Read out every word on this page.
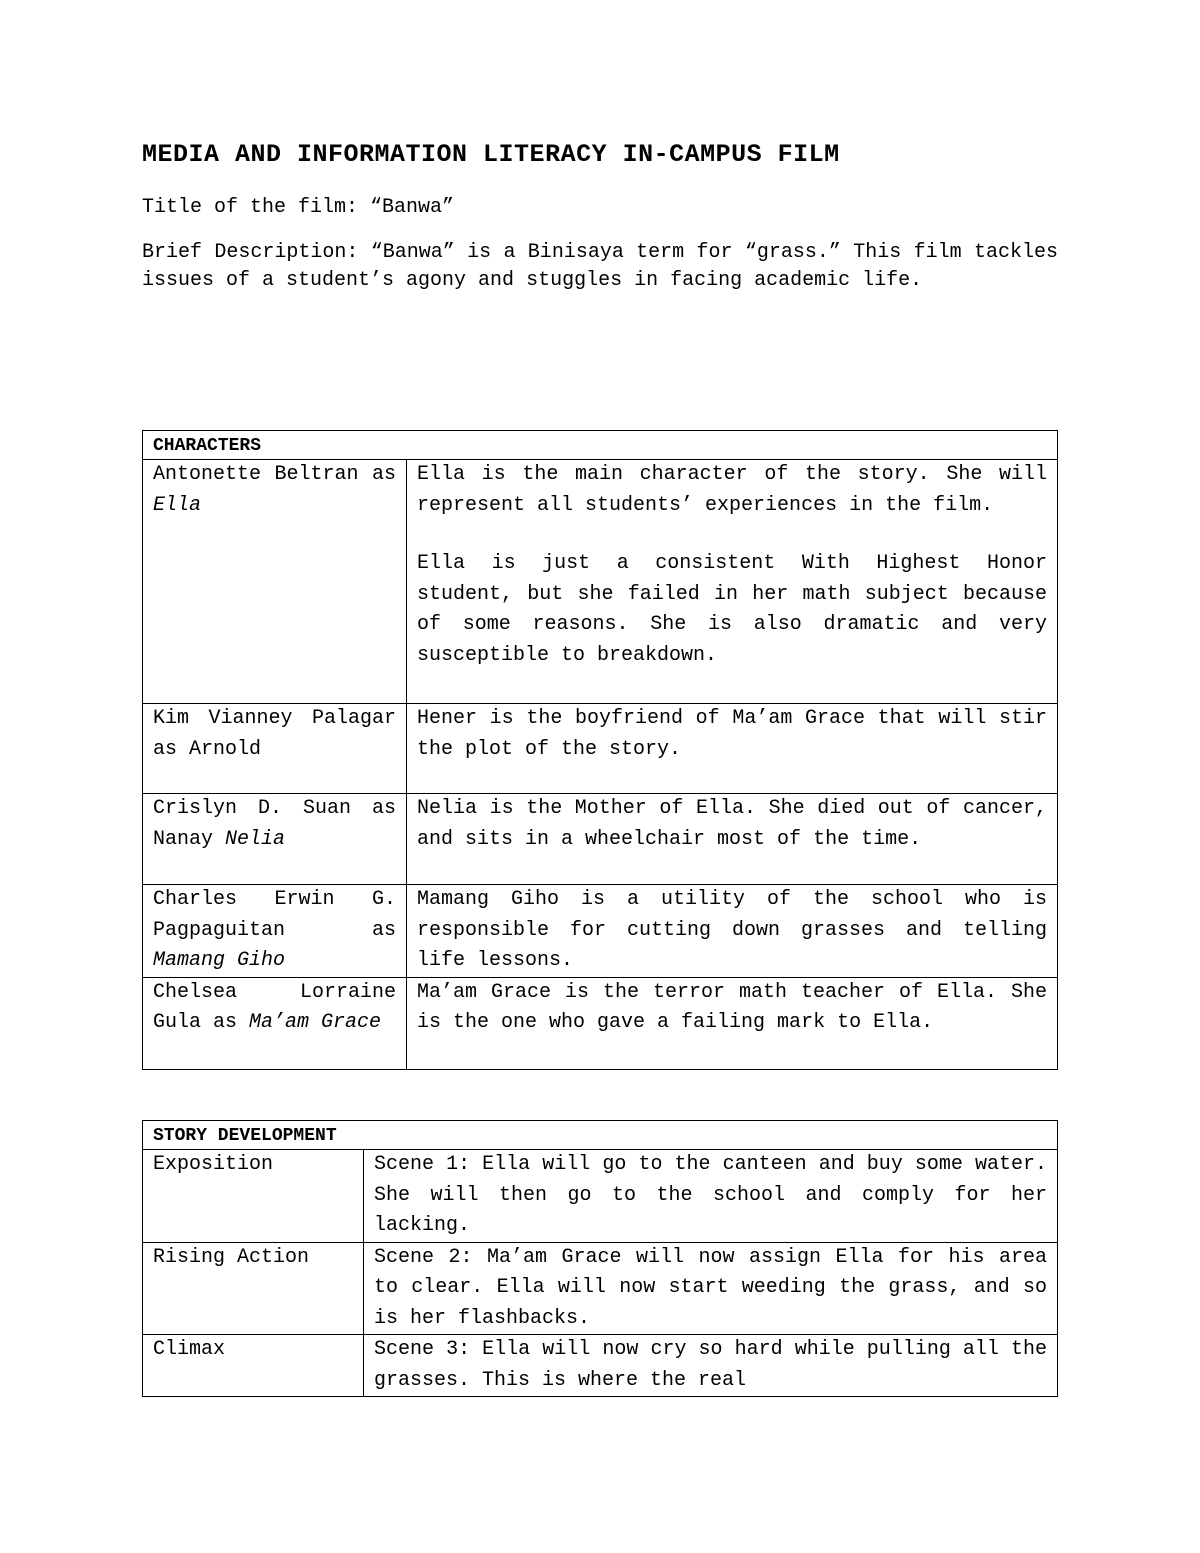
MEDIA AND INFORMATION LITERACY IN-CAMPUS FILM

Title of the film: “Banwa”

Brief Description: “Banwa” is a Binisaya term for “grass.” This film tackles issues of a student’s agony and stuggles in facing academic life.

CHARACTERS	

Antonette Beltran as Ella	Ella is the main character of the story. She will represent all students’ experiences in the film.
Ella is just a consistent With Highest Honor student, but she failed in her math subject because of some reasons. She is also dramatic and very susceptible to breakdown.

Kim Vianney Palagar as Arnold	Hener is the boyfriend of Ma’am Grace that will stir the plot of the story.

Crislyn D. Suan as Nanay Nelia	Nelia is the Mother of Ella. She died out of cancer, and sits in a wheelchair most of the time.

Charles Erwin G. Pagpaguitan as Mamang Giho	Mamang Giho is a utility of the school who is responsible for cutting down grasses and telling life lessons.

Chelsea Lorraine Gula as Ma’am Grace	Ma’am Grace is the terror math teacher of Ella. She is the one who gave a failing mark to Ella.
STORY DEVELOPMENT	
Exposition	Scene 1: Ella will go to the canteen and buy some water. She will then go to the school and comply for her lacking.

Rising Action	Scene 2: Ma’am Grace will now assign Ella for his area to clear. Ella will now start weeding the grass, and so is her flashbacks.

Climax	Scene 3: Ella will now cry so hard while pulling all the grasses. This is where the real
